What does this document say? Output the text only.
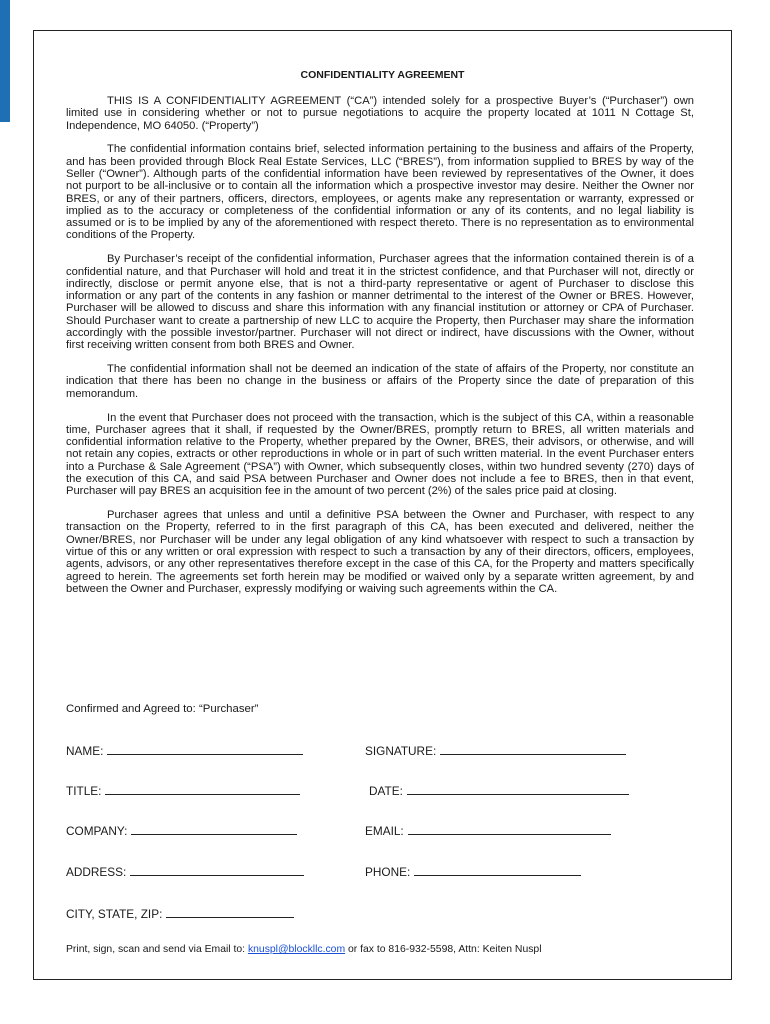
CONFIDENTIALITY AGREEMENT

THIS IS A CONFIDENTIALITY AGREEMENT (“CA”) intended solely for a prospective Buyer’s (“Purchaser”) own limited use in considering whether or not to pursue negotiations to acquire the property located at 1011 N Cottage St, Independence, MO 64050. (“Property”)

The confidential information contains brief, selected information pertaining to the business and affairs of the Property, and has been provided through Block Real Estate Services, LLC (“BRES”), from information supplied to BRES by way of the Seller (“Owner”). Although parts of the confidential information have been reviewed by representatives of the Owner, it does not purport to be all-inclusive or to contain all the information which a prospective investor may desire. Neither the Owner nor BRES, or any of their partners, officers, directors, employees, or agents make any representation or warranty, expressed or implied as to the accuracy or completeness of the confidential information or any of its contents, and no legal liability is assumed or is to be implied by any of the aforementioned with respect thereto. There is no representation as to environmental conditions of the Property.

By Purchaser’s receipt of the confidential information, Purchaser agrees that the information contained therein is of a confidential nature, and that Purchaser will hold and treat it in the strictest confidence, and that Purchaser will not, directly or indirectly, disclose or permit anyone else, that is not a third-party representative or agent of Purchaser to disclose this information or any part of the contents in any fashion or manner detrimental to the interest of the Owner or BRES. However, Purchaser will be allowed to discuss and share this information with any financial institution or attorney or CPA of Purchaser. Should Purchaser want to create a partnership of new LLC to acquire the Property, then Purchaser may share the information accordingly with the possible investor/partner. Purchaser will not direct or indirect, have discussions with the Owner, without first receiving written consent from both BRES and Owner.

The confidential information shall not be deemed an indication of the state of affairs of the Property, nor constitute an indication that there has been no change in the business or affairs of the Property since the date of preparation of this memorandum.

In the event that Purchaser does not proceed with the transaction, which is the subject of this CA, within a reasonable time, Purchaser agrees that it shall, if requested by the Owner/BRES, promptly return to BRES, all written materials and confidential information relative to the Property, whether prepared by the Owner, BRES, their advisors, or otherwise, and will not retain any copies, extracts or other reproductions in whole or in part of such written material. In the event Purchaser enters into a Purchase & Sale Agreement (“PSA”) with Owner, which subsequently closes, within two hundred seventy (270) days of the execution of this CA, and said PSA between Purchaser and Owner does not include a fee to BRES, then in that event, Purchaser will pay BRES an acquisition fee in the amount of two percent (2%) of the sales price paid at closing.

Purchaser agrees that unless and until a definitive PSA between the Owner and Purchaser, with respect to any transaction on the Property, referred to in the first paragraph of this CA, has been executed and delivered, neither the Owner/BRES, nor Purchaser will be under any legal obligation of any kind whatsoever with respect to such a transaction by virtue of this or any written or oral expression with respect to such a transaction by any of their directors, officers, employees, agents, advisors, or any other representatives therefore except in the case of this CA, for the Property and matters specifically agreed to herein. The agreements set forth herein may be modified or waived only by a separate written agreement, by and between the Owner and Purchaser, expressly modifying or waiving such agreements within the CA.

Confirmed and Agreed to: “Purchaser”
NAME:	SIGNATURE:
TITLE:	DATE:
COMPANY:	EMAIL:
ADDRESS:	PHONE:
CITY, STATE, ZIP:
Print, sign, scan and send via Email to: knuspl@blockllc.com or fax to 816-932-5598, Attn: Keiten Nuspl
